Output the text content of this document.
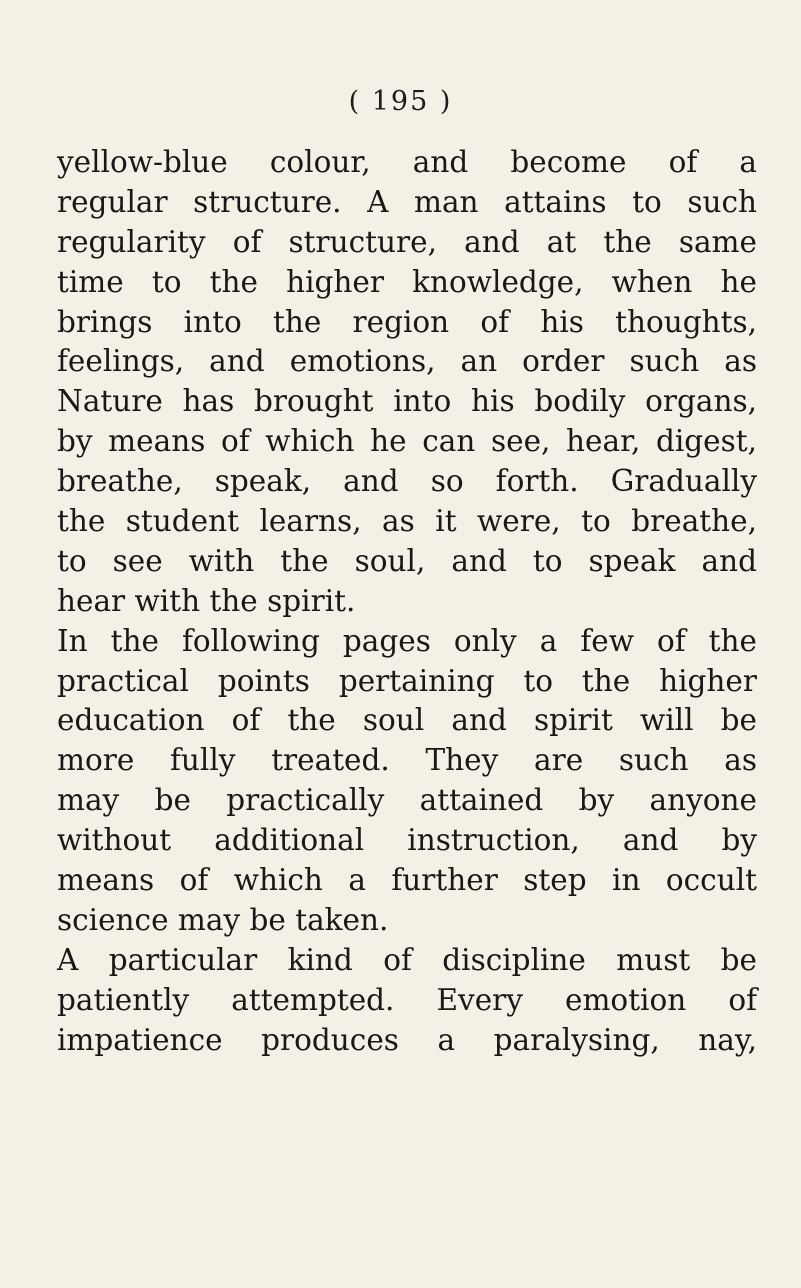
( 195 )
yellow-blue colour, and become of a
regular structure. A man attains to such
regularity of structure, and at the same
time to the higher knowledge, when he
brings into the region of his thoughts,
feelings, and emotions, an order such as
Nature has brought into his bodily organs,
by means of which he can see, hear, digest,
breathe, speak, and so forth. Gradually
the student learns, as it were, to breathe,
to see with the soul, and to speak and
hear with the spirit.
In the following pages only a few of the
practical points pertaining to the higher
education of the soul and spirit will be
more fully treated. They are such as
may be practically attained by anyone
without additional instruction, and by
means of which a further step in occult
science may be taken.
A particular kind of discipline must be
patiently attempted. Every emotion of
impatience produces a paralysing, nay,
